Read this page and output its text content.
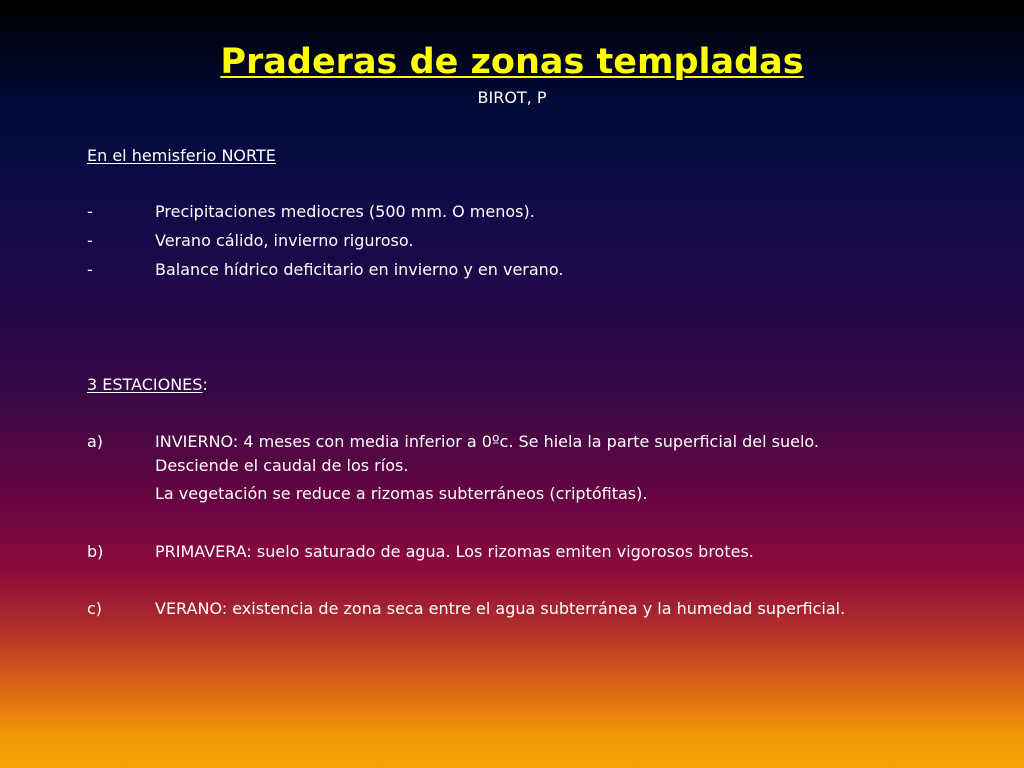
Praderas de zonas templadas
BIROT, P
En el hemisferio NORTE
-	Precipitaciones mediocres (500 mm. O menos).
-	Verano cálido, invierno riguroso.
-	Balance hídrico deficitario en invierno y en verano.
3 ESTACIONES:
a)	INVIERNO: 4 meses con media inferior a 0ºc. Se hiela la parte superficial del suelo.
Desciende el caudal de los ríos.
La vegetación se reduce a rizomas subterráneos (criptófitas).
b)	PRIMAVERA: suelo saturado de agua. Los rizomas emiten vigorosos brotes.
c)	VERANO: existencia de zona seca entre el agua subterránea y la humedad superficial.
